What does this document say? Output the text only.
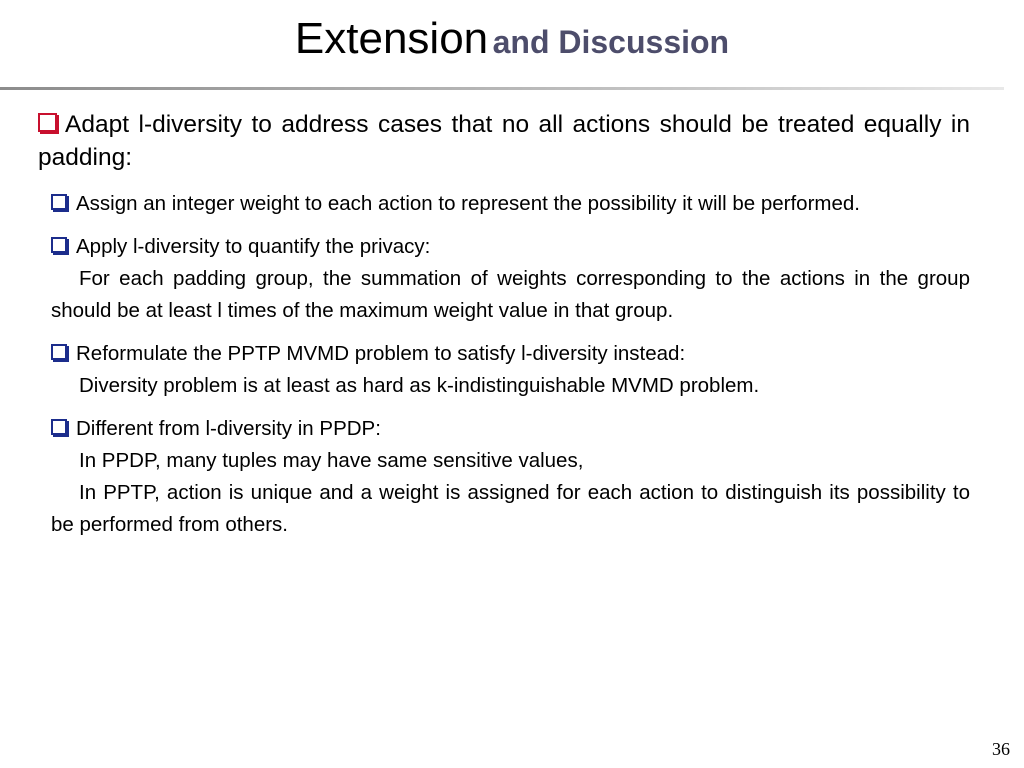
Extension and Discussion

Adapt l-diversity to address cases that no all actions should be treated equally in padding:

Assign an integer weight to each action to represent the possibility it will be performed.

Apply l-diversity to quantify the privacy:
For each padding group, the summation of weights corresponding to the actions in the group should be at least l times of the maximum weight value in that group.

Reformulate the PPTP MVMD problem to satisfy l-diversity instead:
Diversity problem is at least as hard as k-indistinguishable MVMD problem.

Different from l-diversity in PPDP:
In PPDP, many tuples may have same sensitive values,
In PPTP, action is unique and a weight is assigned for each action to distinguish its possibility to be performed from others.

36
